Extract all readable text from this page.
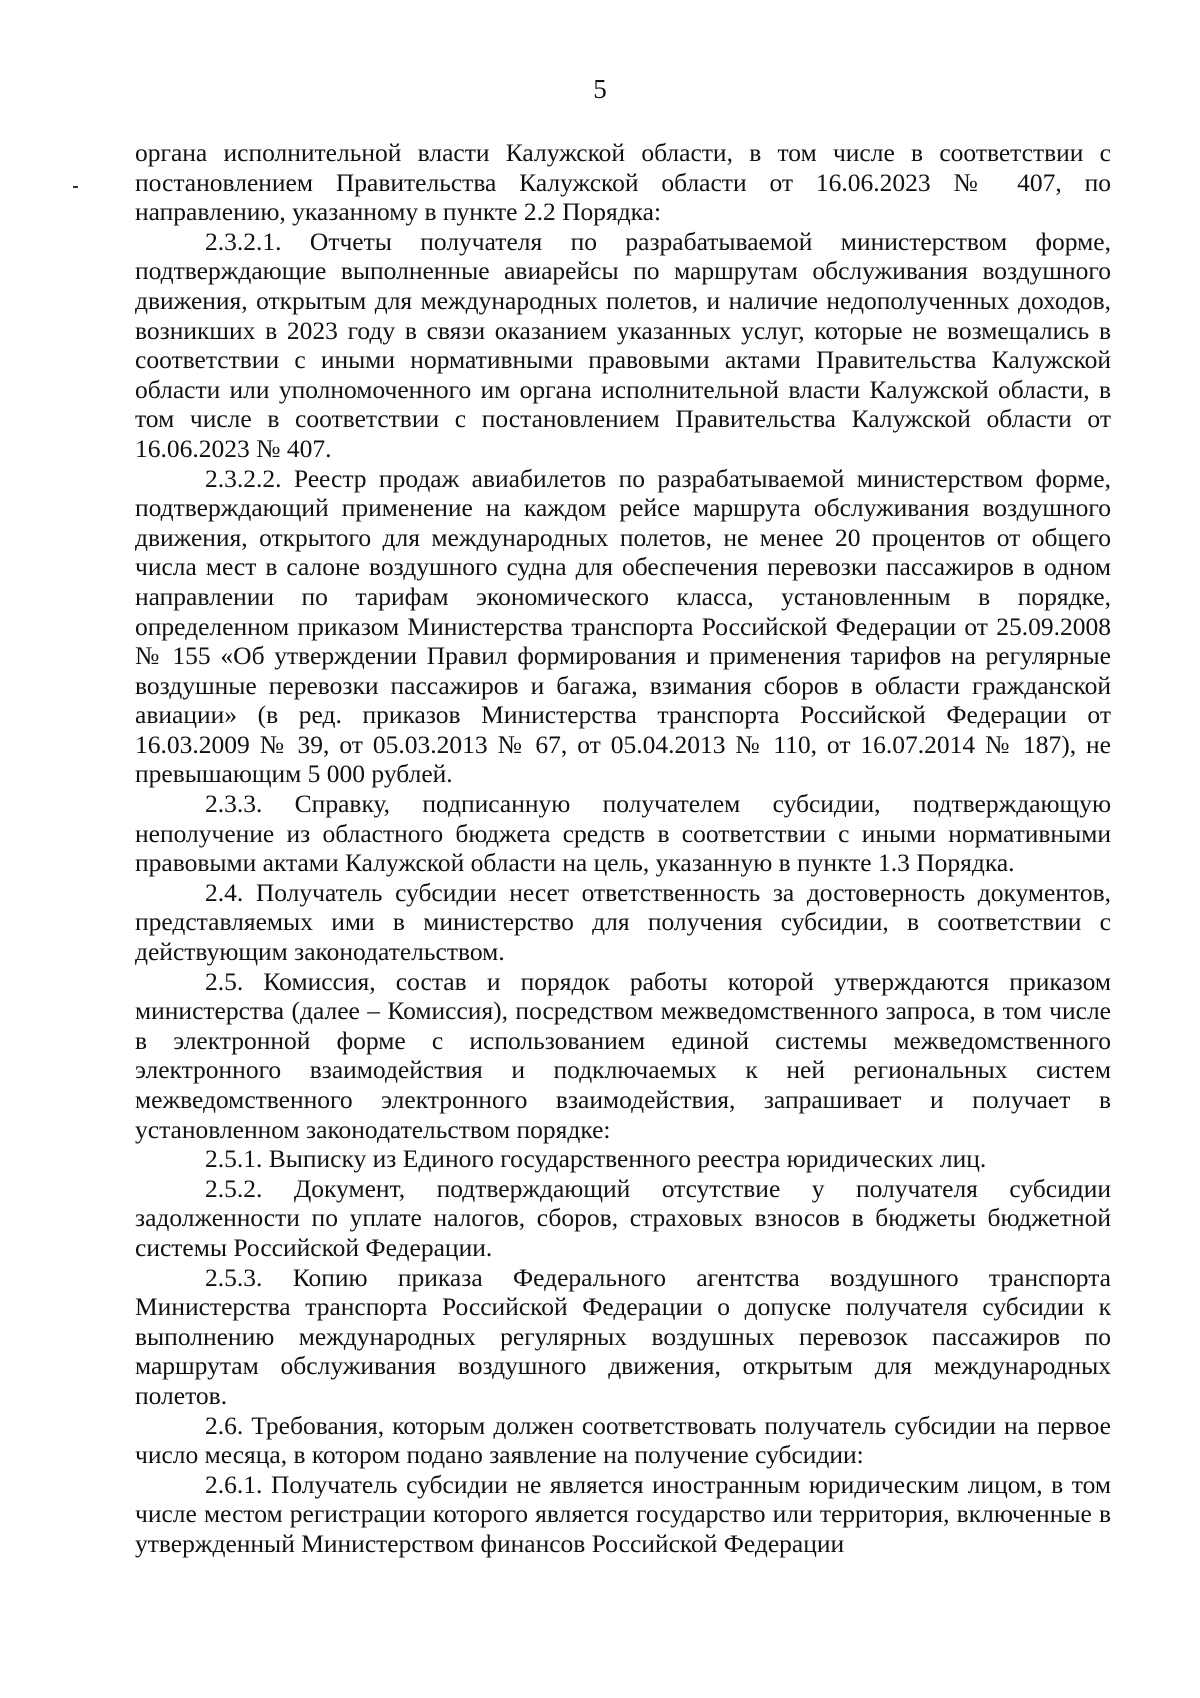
5

органа исполнительной власти Калужской области, в том числе в соответствии с постановлением Правительства Калужской области от 16.06.2023 № 407, по направлению, указанному в пункте 2.2 Порядка:

2.3.2.1. Отчеты получателя по разрабатываемой министерством форме, подтверждающие выполненные авиарейсы по маршрутам обслуживания воздушного движения, открытым для международных полетов, и наличие недополученных доходов, возникших в 2023 году в связи оказанием указанных услуг, которые не возмещались в соответствии с иными нормативными правовыми актами Правительства Калужской области или уполномоченного им органа исполнительной власти Калужской области, в том числе в соответствии с постановлением Правительства Калужской области от 16.06.2023 № 407.

2.3.2.2. Реестр продаж авиабилетов по разрабатываемой министерством форме, подтверждающий применение на каждом рейсе маршрута обслуживания воздушного движения, открытого для международных полетов, не менее 20 процентов от общего числа мест в салоне воздушного судна для обеспечения перевозки пассажиров в одном направлении по тарифам экономического класса, установленным в порядке, определенном приказом Министерства транспорта Российской Федерации от 25.09.2008 № 155 «Об утверждении Правил формирования и применения тарифов на регулярные воздушные перевозки пассажиров и багажа, взимания сборов в области гражданской авиации» (в ред. приказов Министерства транспорта Российской Федерации от 16.03.2009 № 39, от 05.03.2013 № 67, от 05.04.2013 № 110, от 16.07.2014 № 187), не превышающим 5 000 рублей.

2.3.3. Справку, подписанную получателем субсидии, подтверждающую неполучение из областного бюджета средств в соответствии с иными нормативными правовыми актами Калужской области на цель, указанную в пункте 1.3 Порядка.

2.4. Получатель субсидии несет ответственность за достоверность документов, представляемых ими в министерство для получения субсидии, в соответствии с действующим законодательством.

2.5. Комиссия, состав и порядок работы которой утверждаются приказом министерства (далее – Комиссия), посредством межведомственного запроса, в том числе в электронной форме с использованием единой системы межведомственного электронного взаимодействия и подключаемых к ней региональных систем межведомственного электронного взаимодействия, запрашивает и получает в установленном законодательством порядке:

2.5.1. Выписку из Единого государственного реестра юридических лиц.

2.5.2. Документ, подтверждающий отсутствие у получателя субсидии задолженности по уплате налогов, сборов, страховых взносов в бюджеты бюджетной системы Российской Федерации.

2.5.3. Копию приказа Федерального агентства воздушного транспорта Министерства транспорта Российской Федерации о допуске получателя субсидии к выполнению международных регулярных воздушных перевозок пассажиров по маршрутам обслуживания воздушного движения, открытым для международных полетов.

2.6. Требования, которым должен соответствовать получатель субсидии на первое число месяца, в котором подано заявление на получение субсидии:

2.6.1. Получатель субсидии не является иностранным юридическим лицом, в том числе местом регистрации которого является государство или территория, включенные в утвержденный Министерством финансов Российской Федерации
